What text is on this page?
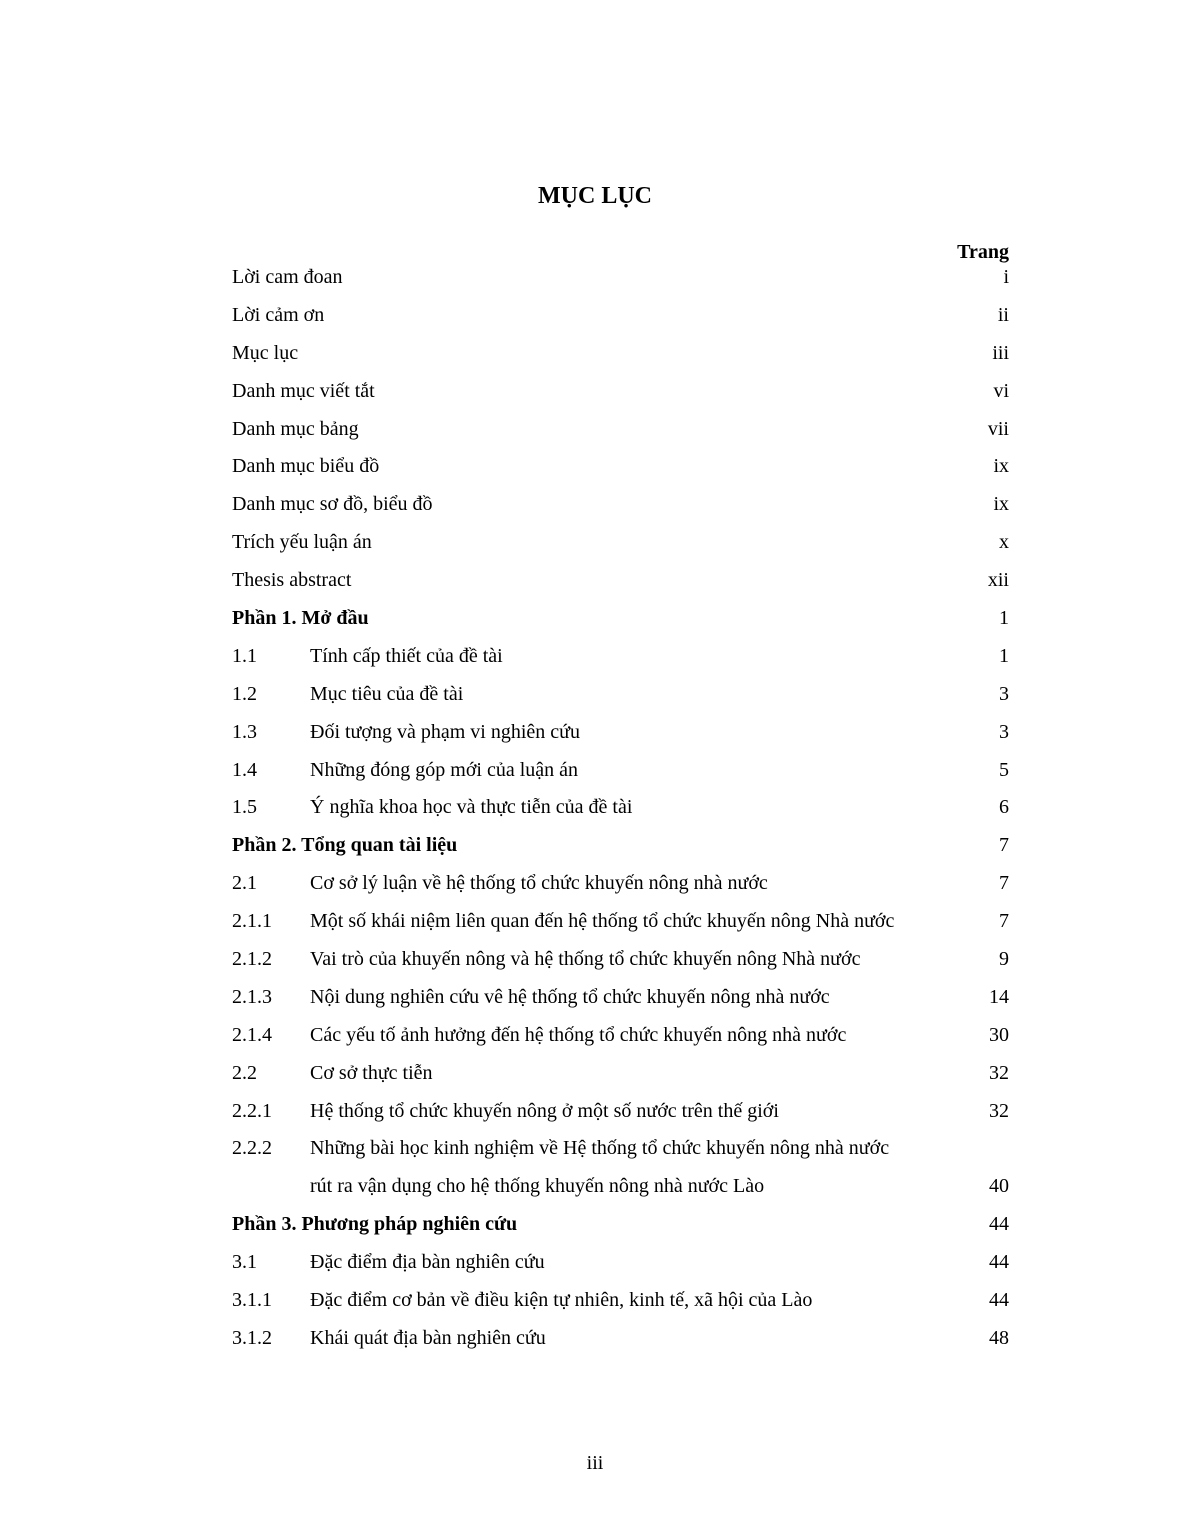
MỤC LỤC
Trang
Lời cam đoan	i
Lời cảm ơn	ii
Mục lục	iii
Danh mục viết tắt	vi
Danh mục bảng	vii
Danh mục biểu đồ	ix
Danh mục sơ đồ, biểu đồ	ix
Trích yếu luận án	x
Thesis abstract	xii
Phần 1. Mở đầu	1
1.1	Tính cấp thiết của đề tài	1
1.2	Mục tiêu của đề tài	3
1.3	Đối tượng và phạm vi nghiên cứu	3
1.4	Những đóng góp mới của luận án	5
1.5	Ý nghĩa khoa học và thực tiễn của đề tài	6
Phần 2. Tổng quan tài liệu	7
2.1	Cơ sở lý luận về hệ thống tổ chức khuyến nông nhà nước	7
2.1.1 Một số khái niệm liên quan đến hệ thống tổ chức khuyến nông Nhà nước	7
2.1.2 Vai trò của khuyến nông và hệ thống tổ chức khuyến nông Nhà nước	9
2.1.3 Nội dung nghiên cứu vê hệ thống tổ chức khuyến nông nhà nước	14
2.1.4 Các yếu tố ảnh hưởng đến hệ thống tổ chức khuyến nông nhà nước	30
2.2	Cơ sở thực tiễn	32
2.2.1 Hệ thống tổ chức khuyến nông ở một số nước trên thế giới	32
2.2.2 Những bài học kinh nghiệm về Hệ thống tổ chức khuyến nông nhà nước
rút ra vận dụng cho hệ thống khuyến nông nhà nước Lào	40
Phần 3. Phương pháp nghiên cứu	44
3.1	Đặc điểm địa bàn nghiên cứu	44
3.1.1 Đặc điểm cơ bản về điều kiện tự nhiên, kinh tế, xã hội của Lào	44
3.1.2 Khái quát địa bàn nghiên cứu	48
iii
